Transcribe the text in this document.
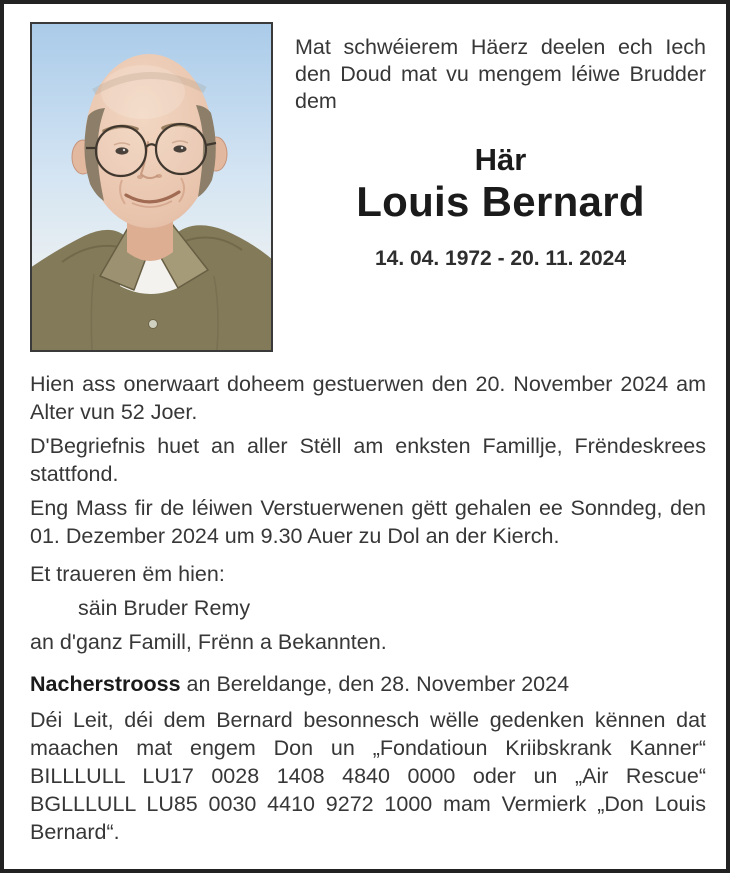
Mat schwéierem Häerz deelen ech Iech den Doud mat vu mengem léiwe Brudder dem

Här
Louis Bernard
14. 04. 1972 - 20. 11. 2024

Hien ass onerwaart doheem gestuerwen den 20. November 2024 am Alter vun 52 Joer.

D'Begriefnis huet an aller Stëll am enksten Famillje, Frëndeskrees stattfond.

Eng Mass fir de léiwen Verstuerwenen gëtt gehalen ee Sonndeg, den 01. Dezember 2024 um 9.30 Auer zu Dol an der Kierch.

Et traueren ëm hien:

säin Bruder Remy

an d'ganz Famill, Frënn a Bekannten.

Nacherstrooss an Bereldange, den 28. November 2024

Déi Leit, déi dem Bernard besonnesch wëlle gedenken kënnen dat maachen mat engem Don un „Fondatioun Kriibskrank Kanner“ BILLLULL LU17 0028 1408 4840 0000 oder un „Air Rescue“ BGLLLULL LU85 0030 4410 9272 1000 mam Vermierk „Don Louis Bernard“.
